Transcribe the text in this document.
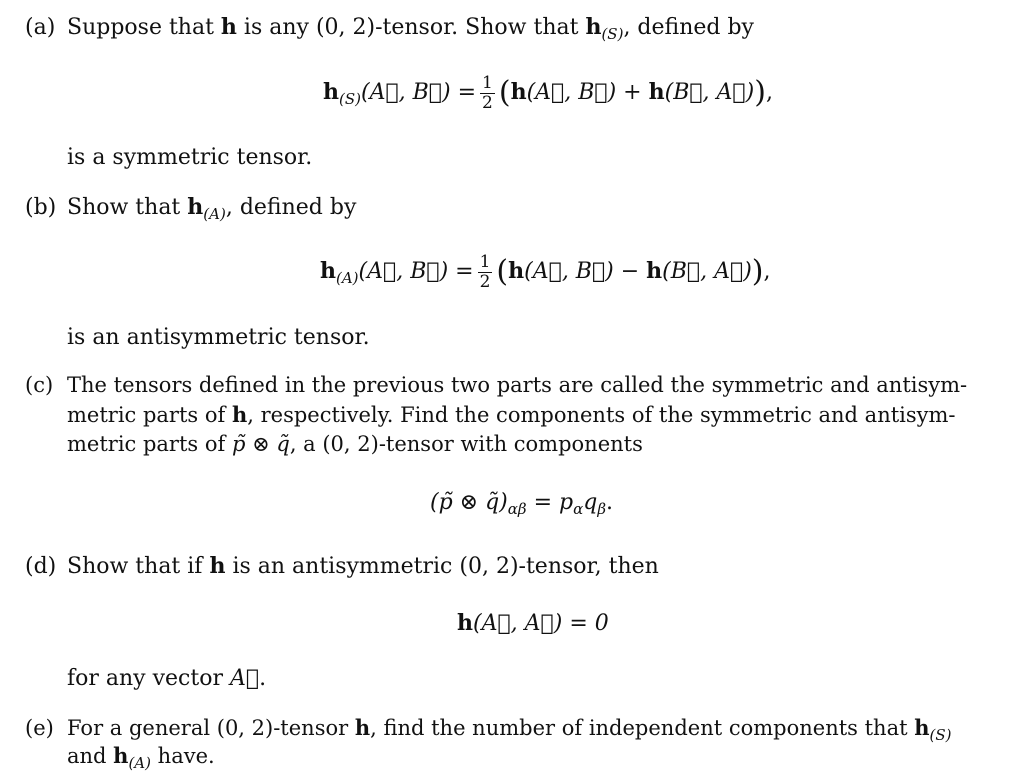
(a) Suppose that h is any (0, 2)-tensor. Show that $h_{(S)}$, defined by
$h_{(S)}(A⃗$, B⃗) = $\frac{1}{2}$ (h(A⃗, B⃗) + h(B⃗, A⃗)),
is a symmetric tensor.
(b) Show that $h_{(A)}$, defined by
$h_{(A)}(A⃗$, B⃗) = $\frac{1}{2}$ (h(A⃗, B⃗) − h(B⃗, A⃗)),
is an antisymmetric tensor.
(c) The tensors defined in the previous two parts are called the symmetric and antisym-
metric parts of h, respectively. Find the components of the symmetric and antisym-
metric parts of p̃ ⊗ q̃, a (0, 2)-tensor with components
(p̃ ⊗ $q̃)_{\alpha\beta} = p_\alpha q_\beta$.
(d) Show that if h is an antisymmetric (0, 2)-tensor, then
h(A⃗, A⃗) = 0
for any vector A⃗.
(e) For a general (0, 2)-tensor h, find the number of independent components that $h_{(S)}$
and $h_{(A)}$ have.
